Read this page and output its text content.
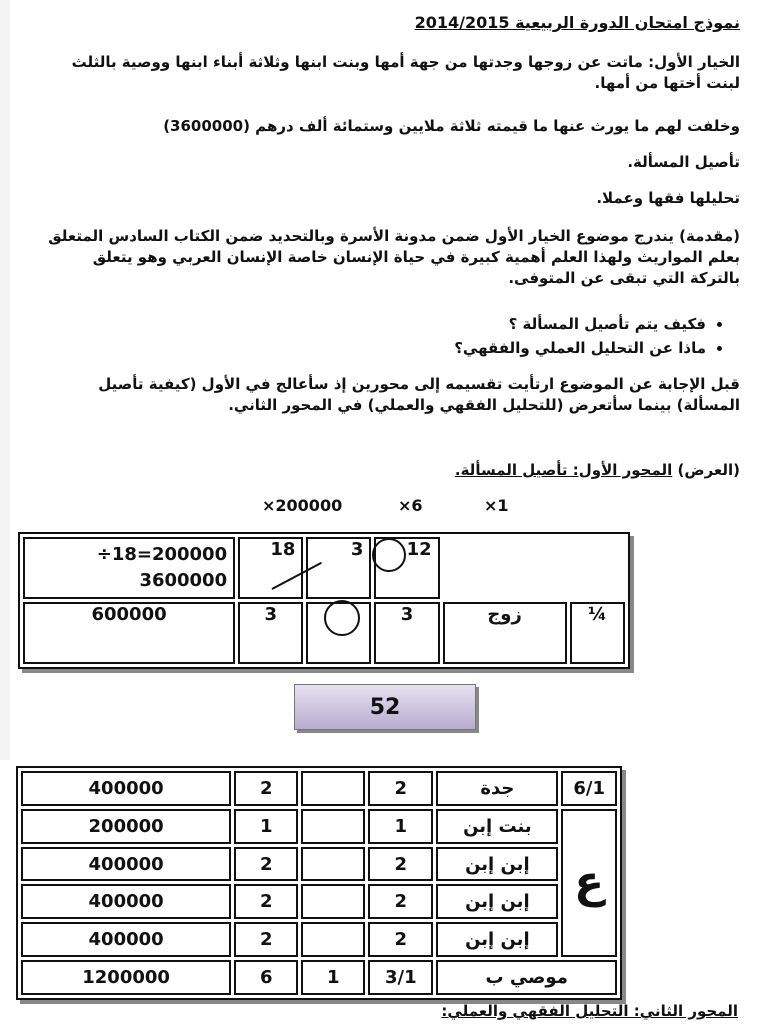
نموذج امتحان الدورة الربيعية 2014/2015
الخيار الأول: ماتت عن زوجها وجدتها من جهة أمها وبنت ابنها وثلاثة أبناء ابنها ووصية بالثلث لبنت أختها من أمها.
وخلفت لهم ما يورث عنها ما قيمته ثلاثة ملايين وستمائة ألف درهم (3600000)
تأصيل المسألة.
تحليلها فقها وعملا.
(مقدمة) يندرج موضوع الخيار الأول ضمن مدونة الأسرة وبالتحديد ضمن الكتاب السادس المتعلق بعلم المواريث ولهذا العلم أهمية كبيرة في حياة الإنسان خاصة الإنسان العربي وهو يتعلق بالتركة التي تبقى عن المتوفى.
• فكيف يتم تأصيل المسألة ؟
• ماذا عن التحليل العملي والفقهي؟
قبل الإجابة عن الموضوع ارتأيت تقسيمه إلى محورين إذ سأعالج في الأول (كيفية تأصيل المسألة) بينما سأتعرض (للتحليل الفقهي والعملي) في المحور الثاني.
(العرض) المحور الأول: تأصيل المسألة.
×200000	×6	×1
÷18=200000
3600000	18	3	12		
600000	3		3	زوج	¼
52
400000	2		2	جدة	6/1
200000	1		1	بنت إبن	ع
400000	2		2	إبن إبن	
400000	2		2	إبن إبن	
400000	2		2	إبن إبن	
1200000	6	1	3/1	موصي ب	
المحور الثاني: التحليل الفقهي والعملي:
